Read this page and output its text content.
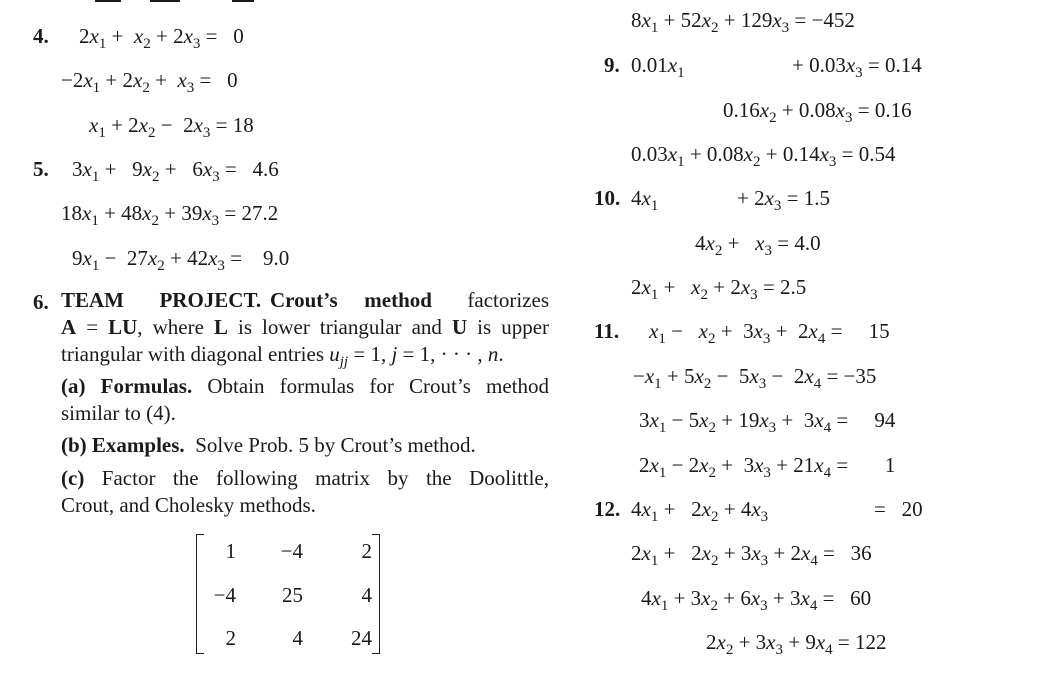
4. $2x_1 + x_2 + 2x_3 = 0$
$-2x_1 + 2x_2 + x_3 = 0$
$x_1 + 2x_2 - 2x_3 = 18$
5. $3x_1 + 9x_2 + 6x_3 = 4.6$
$18x_1 + 48x_2 + 39x_3 = 27.2$
$9x_1 - 27x_2 + 42x_3$ =    9.0
6. TEAM    PROJECT. Crout’s   method    factorizes
A = LU, where L is lower triangular and U is upper
triangular with diagonal entries $u_{jj} = 1$, j = 1, · · · , n.
(a) Formulas. Obtain formulas for Crout’s method
similar to (4).
(b) Examples.  Solve Prob. 5 by Crout’s method.
(c)  Factor  the  following  matrix  by  the  Doolittle,
Crout, and Cholesky methods.
1	−4	2
−4	25	4
2	4	24
$8x_1 + 52x_2 + 129x_3 = -452$
9. $0.01x_1$	+ $0.03x_3 = 0.14$
$0.16x_2 + 0.08x_3 = 0.16$
$0.03x_1 + 0.08x_2 + 0.14x_3 = 0.54$
10. $4x_1$	+ $2x_3 = 1.5$
$4x_2 + x_3 = 4.0$
$2x_1 + x_2 + 2x_3 = 2.5$
11. $x_1 - x_2 + 3x_3 + 2x_4$ =     15
$-x_1 + 5x_2 - 5x_3 - 2x_4 = -35$
$3x_1 - 5x_2 + 19x_3 + 3x_4$ =     94
$2x_1 - 2x_2 + 3x_3 + 21x_4$ =       1
12. $4x_1 + 2x_2 + 4x_3$	=   20
$2x_1 + 2x_2 + 3x_3 + 2x_4 = 36$
$4x_1 + 3x_2 + 6x_3 + 3x_4 = 60$
$2x_2 + 3x_3 + 9x_4 = 122$
